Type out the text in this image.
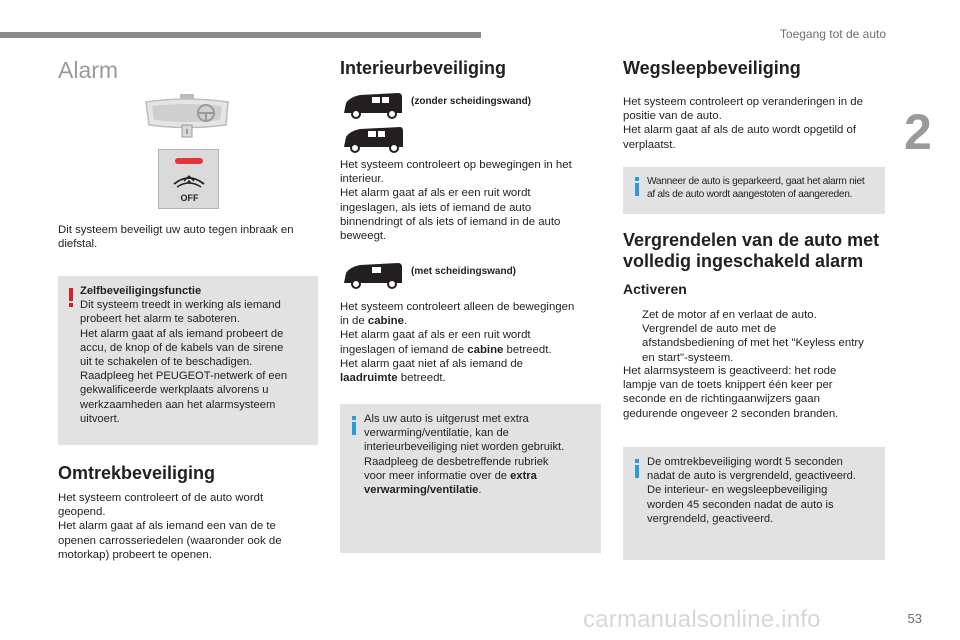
Toegang tot de auto
2
Alarm
OFF

Dit systeem beveiligt uw auto tegen inbraak en diefstal.

Zelfbeveiligingsfunctie
Dit systeem treedt in werking als iemand
probeert het alarm te saboteren.
Het alarm gaat af als iemand probeert de
accu, de knop of de kabels van de sirene
uit te schakelen of te beschadigen.
Raadpleeg het PEUGEOT-netwerk of een
gekwalificeerde werkplaats alvorens u
werkzaamheden aan het alarmsysteem
uitvoert.
Omtrekbeveiliging

Het systeem controleert of de auto wordt
geopend.
Het alarm gaat af als iemand een van de te
openen carrosseriedelen (waaronder ook de
motorkap) probeert te openen.

Interieurbeveiliging
(zonder scheidingswand)

Het systeem controleert op bewegingen in het
interieur.
Het alarm gaat af als er een ruit wordt
ingeslagen, als iets of iemand de auto
binnendringt of als iets of iemand in de auto
beweegt.

(met scheidingswand)

Het systeem controleert alleen de bewegingen
in de cabine.
Het alarm gaat af als er een ruit wordt
ingeslagen of iemand de cabine betreedt.
Het alarm gaat niet af als iemand de
laadruimte betreedt.

Als uw auto is uitgerust met extra
verwarming/ventilatie, kan de
interieurbeveiliging niet worden gebruikt.
Raadpleeg de desbetreffende rubriek
voor meer informatie over de extra
verwarming/ventilatie.
Wegsleepbeveiliging

Het systeem controleert op veranderingen in de
positie van de auto.
Het alarm gaat af als de auto wordt opgetild of
verplaatst.

Wanneer de auto is geparkeerd, gaat het alarm niet
af als de auto wordt aangestoten of aangereden.
Vergrendelen van de auto met
volledig ingeschakeld alarm
Activeren
Zet de motor af en verlaat de auto.
Vergrendel de auto met de
afstandsbediening of met het "Keyless entry
en start"-systeem.

Het alarmsysteem is geactiveerd: het rode
lampje van de toets knippert één keer per
seconde en de richtingaanwijzers gaan
gedurende ongeveer 2 seconden branden.

De omtrekbeveiliging wordt 5 seconden
nadat de auto is vergrendeld, geactiveerd.
De interieur- en wegsleepbeveiliging
worden 45 seconden nadat de auto is
vergrendeld, geactiveerd.
carmanualsonline.info	53
